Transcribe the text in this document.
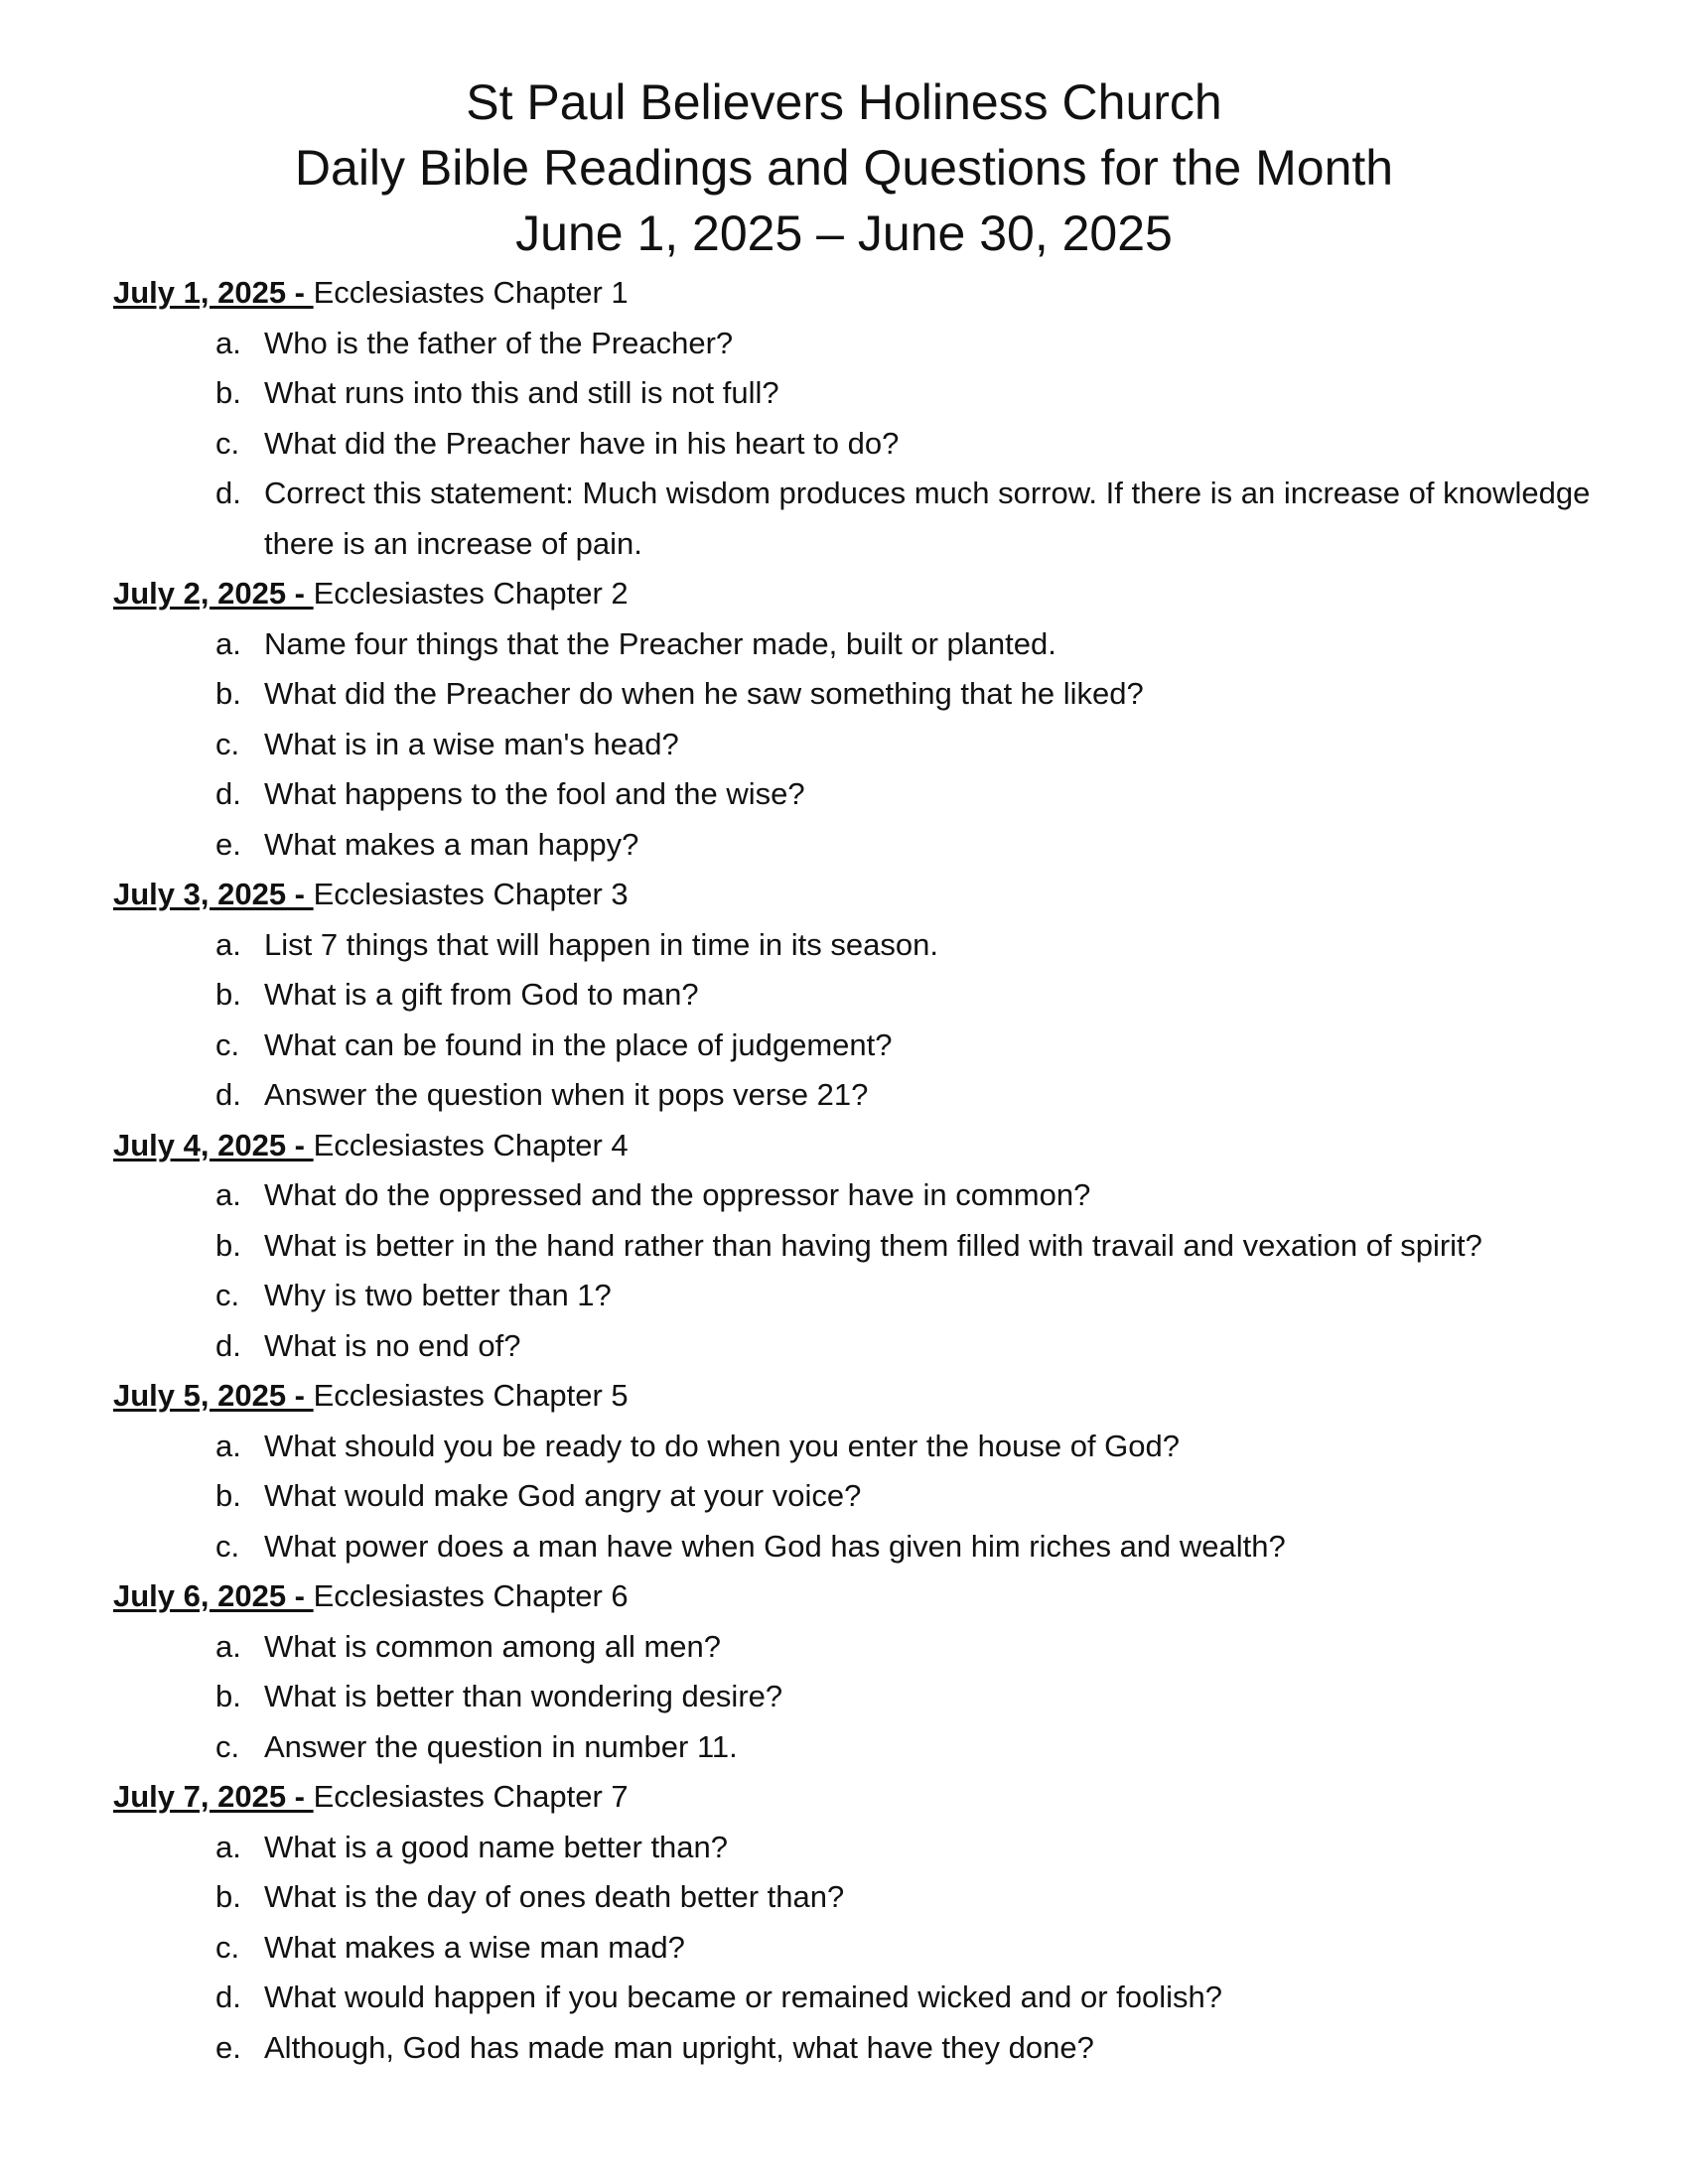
St Paul Believers Holiness Church
Daily Bible Readings and Questions for the Month
June 1, 2025 – June 30, 2025
July 1, 2025 - Ecclesiastes Chapter 1
a. Who is the father of the Preacher?
b. What runs into this and still is not full?
c. What did the Preacher have in his heart to do?
d. Correct this statement: Much wisdom produces much sorrow. If there is an increase of knowledge there is an increase of pain.
July 2, 2025 - Ecclesiastes Chapter 2
a. Name four things that the Preacher made, built or planted.
b. What did the Preacher do when he saw something that he liked?
c. What is in a wise man's head?
d. What happens to the fool and the wise?
e. What makes a man happy?
July 3, 2025 - Ecclesiastes Chapter 3
a. List 7 things that will happen in time in its season.
b. What is a gift from God to man?
c. What can be found in the place of judgement?
d. Answer the question when it pops verse 21?
July 4, 2025 - Ecclesiastes Chapter 4
a. What do the oppressed and the oppressor have in common?
b. What is better in the hand rather than having them filled with travail and vexation of spirit?
c. Why is two better than 1?
d. What is no end of?
July 5, 2025 - Ecclesiastes Chapter 5
a. What should you be ready to do when you enter the house of God?
b. What would make God angry at your voice?
c. What power does a man have when God has given him riches and wealth?
July 6, 2025 - Ecclesiastes Chapter 6
a. What is common among all men?
b. What is better than wondering desire?
c. Answer the question in number 11.
July 7, 2025 - Ecclesiastes Chapter 7
a. What is a good name better than?
b. What is the day of ones death better than?
c. What makes a wise man mad?
d. What would happen if you became or remained wicked and or foolish?
e. Although, God has made man upright, what have they done?
